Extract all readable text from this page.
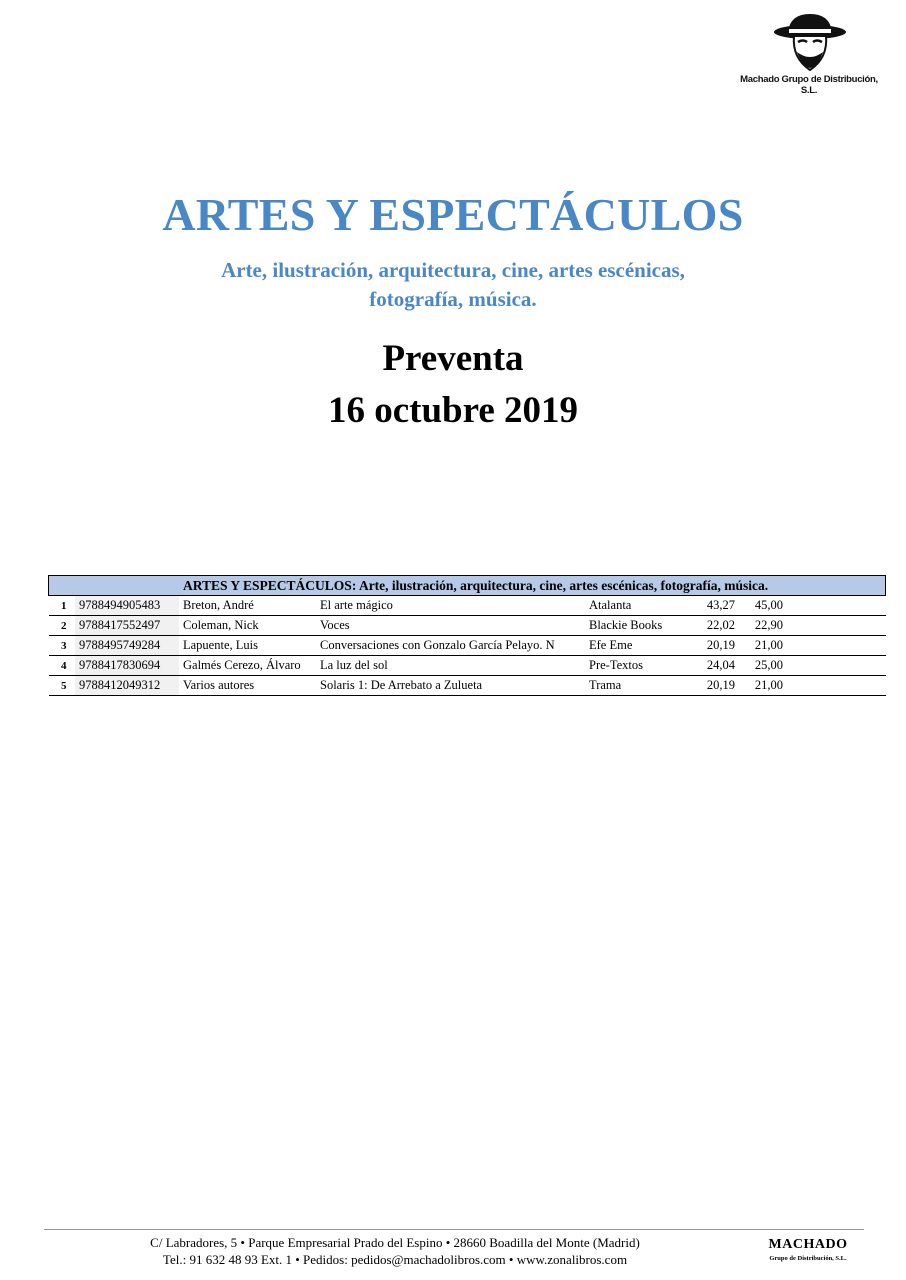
Machado Grupo de Distribución, S.L.
ARTES Y ESPECTÁCULOS
Arte, ilustración, arquitectura, cine, artes escénicas,
fotografía, música.
Preventa
16 octubre 2019
		ARTES Y ESPECTÁCULOS: Arte, ilustración, arquitectura, cine, artes escénicas, fotografía, música.					
1	9788494905483	Breton, André	El arte mágico	Atalanta	43,27	45,00	
2	9788417552497	Coleman, Nick	Voces	Blackie Books	22,02	22,90	
3	9788495749284	Lapuente, Luis	Conversaciones con Gonzalo García Pelayo. N	Efe Eme	20,19	21,00	
4	9788417830694	Galmés Cerezo, Álvaro	La luz del sol	Pre-Textos	24,04	25,00	
5	9788412049312	Varios autores	Solaris 1: De Arrebato a Zulueta	Trama	20,19	21,00	
C/ Labradores, 5 • Parque Empresarial Prado del Espino • 28660 Boadilla del Monte (Madrid)
Tel.: 91 632 48 93 Ext. 1 • Pedidos: pedidos@machadolibros.com • www.zonalibros.com
MACHADO
Grupo de Distribución, S.L.
